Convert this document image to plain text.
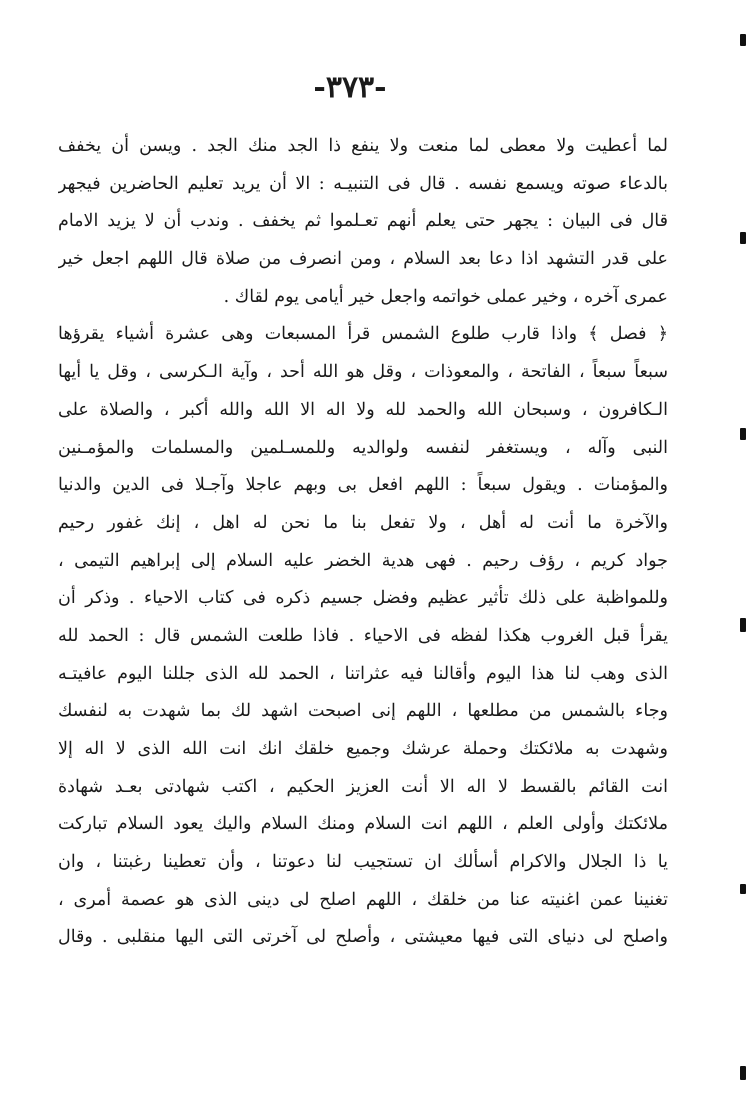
-٣٧٣-
لما أعطيت ولا معطى لما منعت ولا ينفع ذا الجد منك الجد . ويسن أن يخفف
بالدعاء صوته ويسمع نفسه . قال فى التنبيـه : الا أن يريد تعليم الحاضرين فيجهر
قال فى البيان : يجهر حتى يعلم أنهم تعـلموا ثم يخفف . وندب أن لا يزيد الامام
على قدر التشهد اذا دعا بعد السلام ، ومن انصرف من صلاة قال اللهم اجعل خير
عمرى آخره ، وخير عملى خواتمه واجعل خير أيامى يوم لقاك .
﴿ فصل ﴾ واذا قارب طلوع الشمس قرأ المسبعات وهى عشرة أشياء يقرؤها
سبعاً سبعاً ، الفاتحة ، والمعوذات ، وقل هو الله أحد ، وآية الـكرسى ، وقل يا أيها
الـكافرون ، وسبحان الله والحمد لله ولا اله الا الله والله أكبر ، والصلاة على
النبى وآله ، ويستغفر لنفسه ولوالديه وللمسـلمين والمسلمات والمؤمـنين
والمؤمنات . ويقول سبعاً : اللهم افعل بى وبهم عاجلا وآجـلا فى الدين والدنيا
والآخرة ما أنت له أهل ، ولا تفعل بنا ما نحن له اهل ، إنك غفور رحيم
جواد كريم ، رؤف رحيم . فهى هدية الخضر عليه السلام إلى إبراهيم التيمى ،
وللمواظبة على ذلك تأثير عظيم وفضل جسيم ذكره فى كتاب الاحياء . وذكر أن
يقرأ قبل الغروب هكذا لفظه فى الاحياء . فاذا طلعت الشمس قال : الحمد لله
الذى وهب لنا هذا اليوم وأقالنا فيه عثراتنا ، الحمد لله الذى جللنا اليوم عافيتـه
وجاء بالشمس من مطلعها ، اللهم إنى اصبحت اشهد لك بما شهدت به لنفسك
وشهدت به ملائكتك وحملة عرشك وجميع خلقك انك انت الله الذى لا اله إلا
انت القائم بالقسط لا اله الا أنت العزيز الحكيم ، اكتب شهادتى بعـد شهادة
ملائكتك وأولى العلم ، اللهم انت السلام ومنك السلام واليك يعود السلام تباركت
يا ذا الجلال والاكرام أسألك ان تستجيب لنا دعوتنا ، وأن تعطينا رغبتنا ، وان
تغنينا عمن اغنيته عنا من خلقك ، اللهم اصلح لى دينى الذى هو عصمة أمرى ،
واصلح لى دنياى التى فيها معيشتى ، وأصلح لى آخرتى التى اليها منقلبى . وقال
